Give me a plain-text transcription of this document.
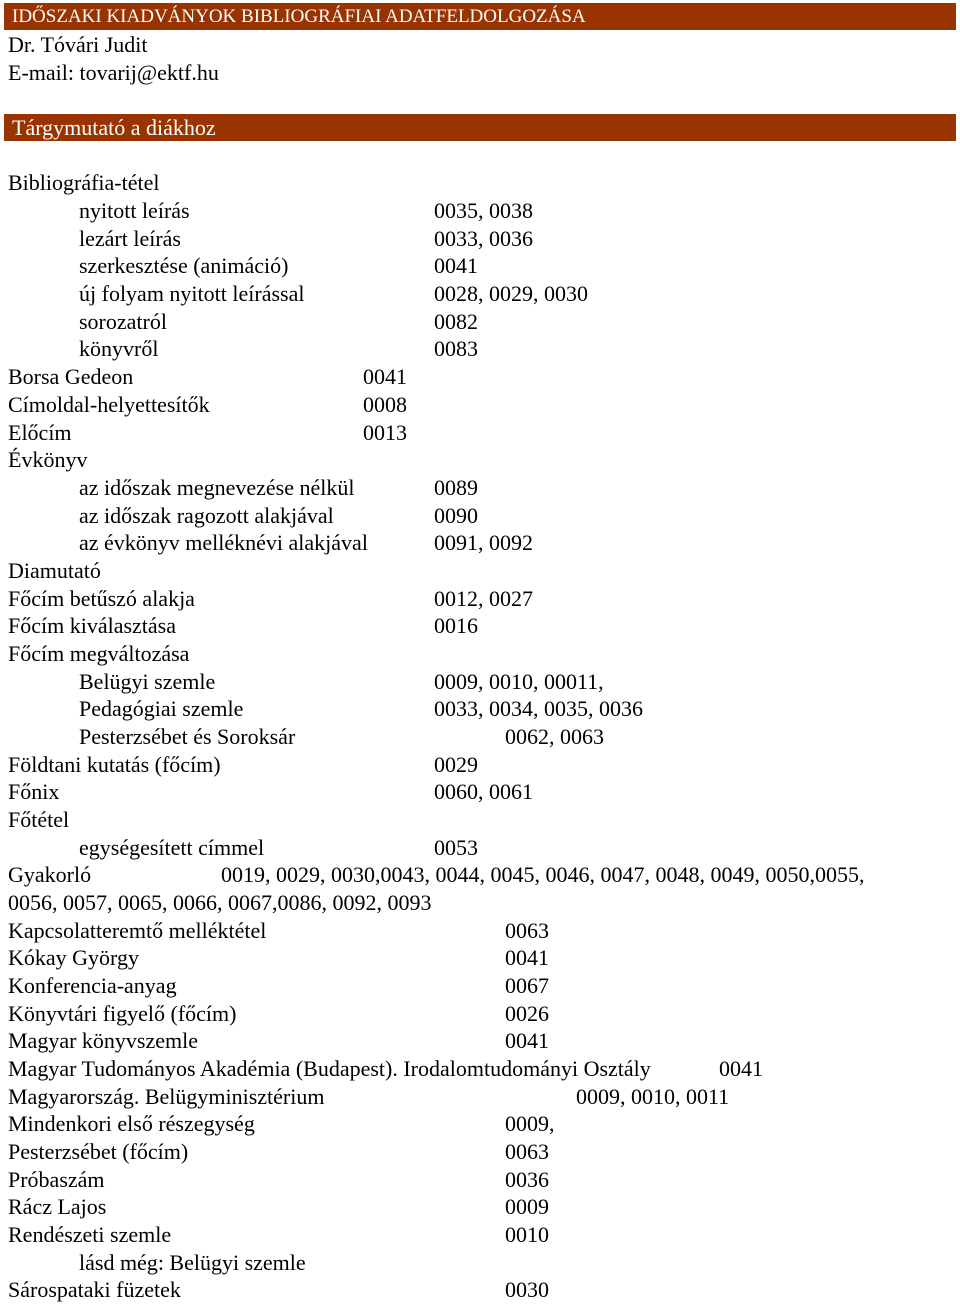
IDŐSZAKI KIADVÁNYOK BIBLIOGRÁFIAI ADATFELDOLGOZÁSA
Dr. Tóvári Judit
E-mail: tovarij@ektf.hu
Tárgymutató a diákhoz
Bibliográfia-tétel
nyitott leírás	0035, 0038
lezárt leírás	0033, 0036
szerkesztése (animáció)	0041
új folyam nyitott leírással	0028, 0029, 0030
sorozatról	0082
könyvről	0083
Borsa Gedeon	0041
Címoldal-helyettesítők	0008
Előcím	0013
Évkönyv
az időszak megnevezése nélkül	0089
az időszak ragozott alakjával	0090
az évkönyv melléknévi alakjával	0091, 0092
Diamutató
Főcím betűszó alakja	0012, 0027
Főcím kiválasztása	0016
Főcím megváltozása
Belügyi szemle	0009, 0010, 00011,
Pedagógiai szemle	0033, 0034, 0035, 0036
Pesterzsébet és Soroksár	0062, 0063
Földtani kutatás (főcím)	0029
Főnix	0060, 0061
Főtétel
egységesített címmel	0053
Gyakorló	0019, 0029, 0030,0043, 0044, 0045, 0046, 0047, 0048, 0049, 0050,0055,
0056, 0057, 0065, 0066, 0067,0086, 0092, 0093
Kapcsolatteremtő melléktétel	0063
Kókay György	0041
Konferencia-anyag	0067
Könyvtári figyelő (főcím)	0026
Magyar könyvszemle	0041
Magyar Tudományos Akadémia (Budapest). Irodalomtudományi Osztály	0041
Magyarország. Belügyminisztérium	0009, 0010, 0011
Mindenkori első részegység	0009,
Pesterzsébet (főcím)	0063
Próbaszám	0036
Rácz Lajos	0009
Rendészeti szemle	0010
lásd még: Belügyi szemle
Sárospataki füzetek	0030
